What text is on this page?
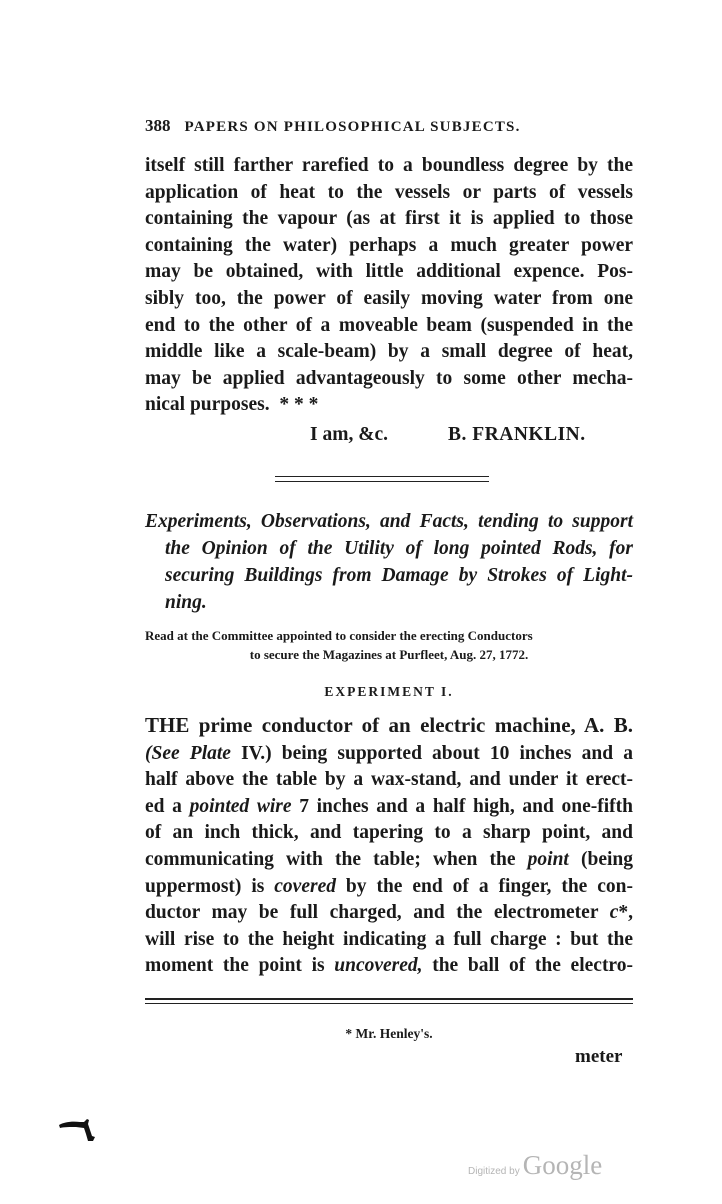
388 PAPERS ON PHILOSOPHICAL SUBJECTS.
itself still farther rarefied to a boundless degree by the
application of heat to the vessels or parts of vessels
containing the vapour (as at first it is applied to those
containing the water) perhaps a much greater power
may be obtained, with little additional expence. Pos-
sibly too, the power of easily moving water from one
end to the other of a moveable beam (suspended in the
middle like a scale-beam) by a small degree of heat,
may be applied advantageously to some other mecha-
nical purposes. * * *
I am, &c.	B. FRANKLIN.
Experiments, Observations, and Facts, tending to support
the Opinion of the Utility of long pointed Rods, for
securing Buildings from Damage by Strokes of Light-
ning.
Read at the Committee appointed to consider the erecting Conductors
to secure the Magazines at Purfleet, Aug. 27, 1772.
EXPERIMENT I.
THE prime conductor of an electric machine, A. B.
(See Plate IV.) being supported about 10 inches and a
half above the table by a wax-stand, and under it erect-
ed a pointed wire 7 inches and a half high, and one-fifth
of an inch thick, and tapering to a sharp point, and
communicating with the table; when the point (being
uppermost) is covered by the end of a finger, the con-
ductor may be full charged, and the electrometer c*,
will rise to the height indicating a full charge : but the
moment the point is uncovered, the ball of the electro-
* Mr. Henley's.
meter
Digitized by Google
